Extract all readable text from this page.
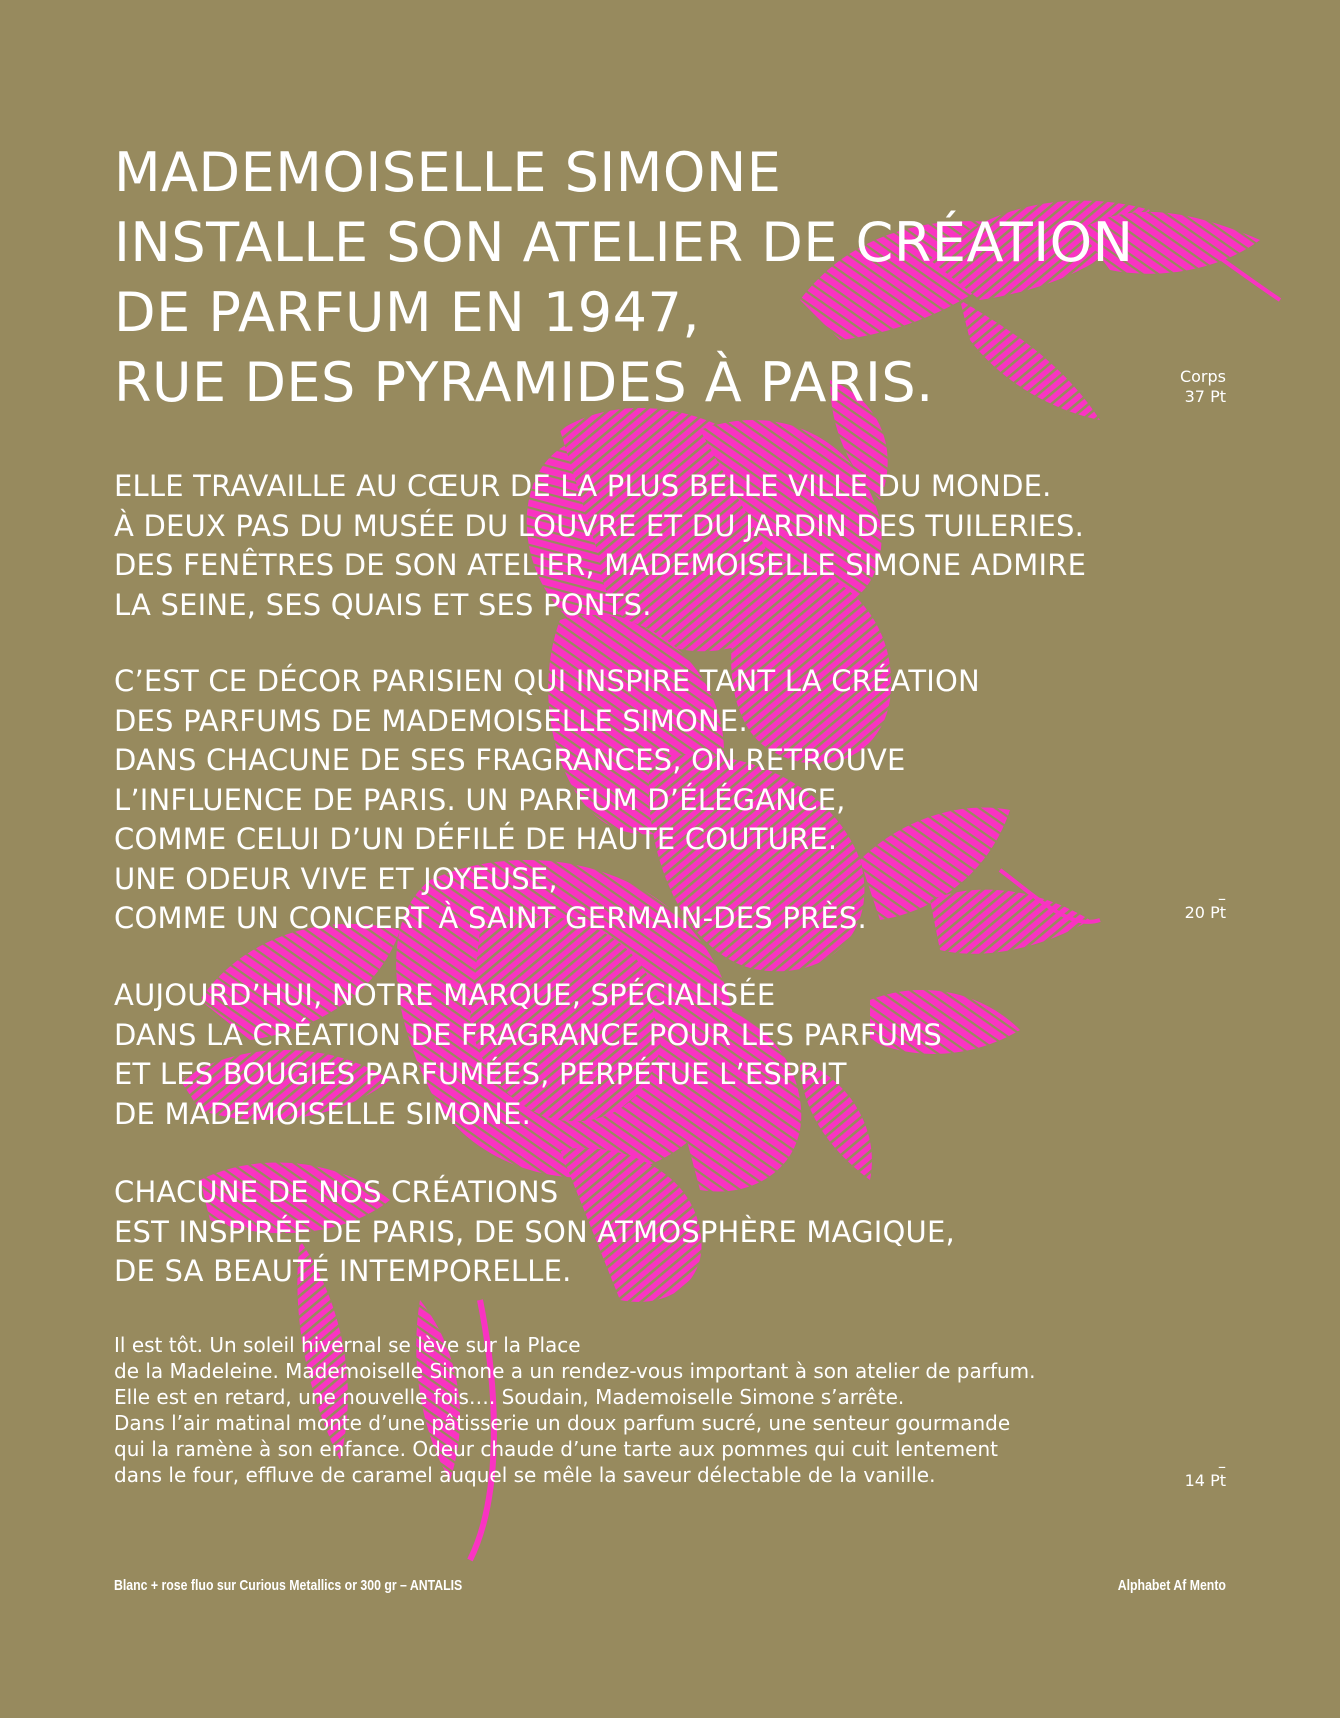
MADEMOISELLE SIMONE
INSTALLE SON ATELIER DE CRÉATION
DE PARFUM EN 1947,
RUE DES PYRAMIDES À PARIS.	Corps
37 Pt
ELLE TRAVAILLE AU CŒUR DE LA PLUS BELLE VILLE DU MONDE.
À DEUX PAS DU MUSÉE DU LOUVRE ET DU JARDIN DES TUILERIES.
DES FENÊTRES DE SON ATELIER, MADEMOISELLE SIMONE ADMIRE
LA SEINE, SES QUAIS ET SES PONTS.
C’EST CE DÉCOR PARISIEN QUI INSPIRE TANT LA CRÉATION
DES PARFUMS DE MADEMOISELLE SIMONE.
DANS CHACUNE DE SES FRAGRANCES, ON RETROUVE
L’INFLUENCE DE PARIS. UN PARFUM D’ÉLÉGANCE,
COMME CELUI D’UN DÉFILÉ DE HAUTE COUTURE.
UNE ODEUR VIVE ET JOYEUSE,
COMME UN CONCERT À SAINT GERMAIN-DES PRÈS.
–
20 Pt
AUJOURD’HUI, NOTRE MARQUE, SPÉCIALISÉE
DANS LA CRÉATION DE FRAGRANCE POUR LES PARFUMS
ET LES BOUGIES PARFUMÉES, PERPÉTUE L’ESPRIT
DE MADEMOISELLE SIMONE.
CHACUNE DE NOS CRÉATIONS
EST INSPIRÉE DE PARIS, DE SON ATMOSPHÈRE MAGIQUE,
DE SA BEAUTÉ INTEMPORELLE.
Il est tôt. Un soleil hivernal se lève sur la Place
de la Madeleine. Mademoiselle Simone a un rendez-vous important à son atelier de parfum.
Elle est en retard, une nouvelle fois…. Soudain, Mademoiselle Simone s’arrête.
Dans l’air matinal monte d’une pâtisserie un doux parfum sucré, une senteur gourmande
qui la ramène à son enfance. Odeur chaude d’une tarte aux pommes qui cuit lentement
dans le four, effluve de caramel auquel se mêle la saveur délectable de la vanille.	–
14 Pt
Blanc + rose fluo sur Curious Metallics or 300 gr – ANTALIS	Alphabet Af Mento
